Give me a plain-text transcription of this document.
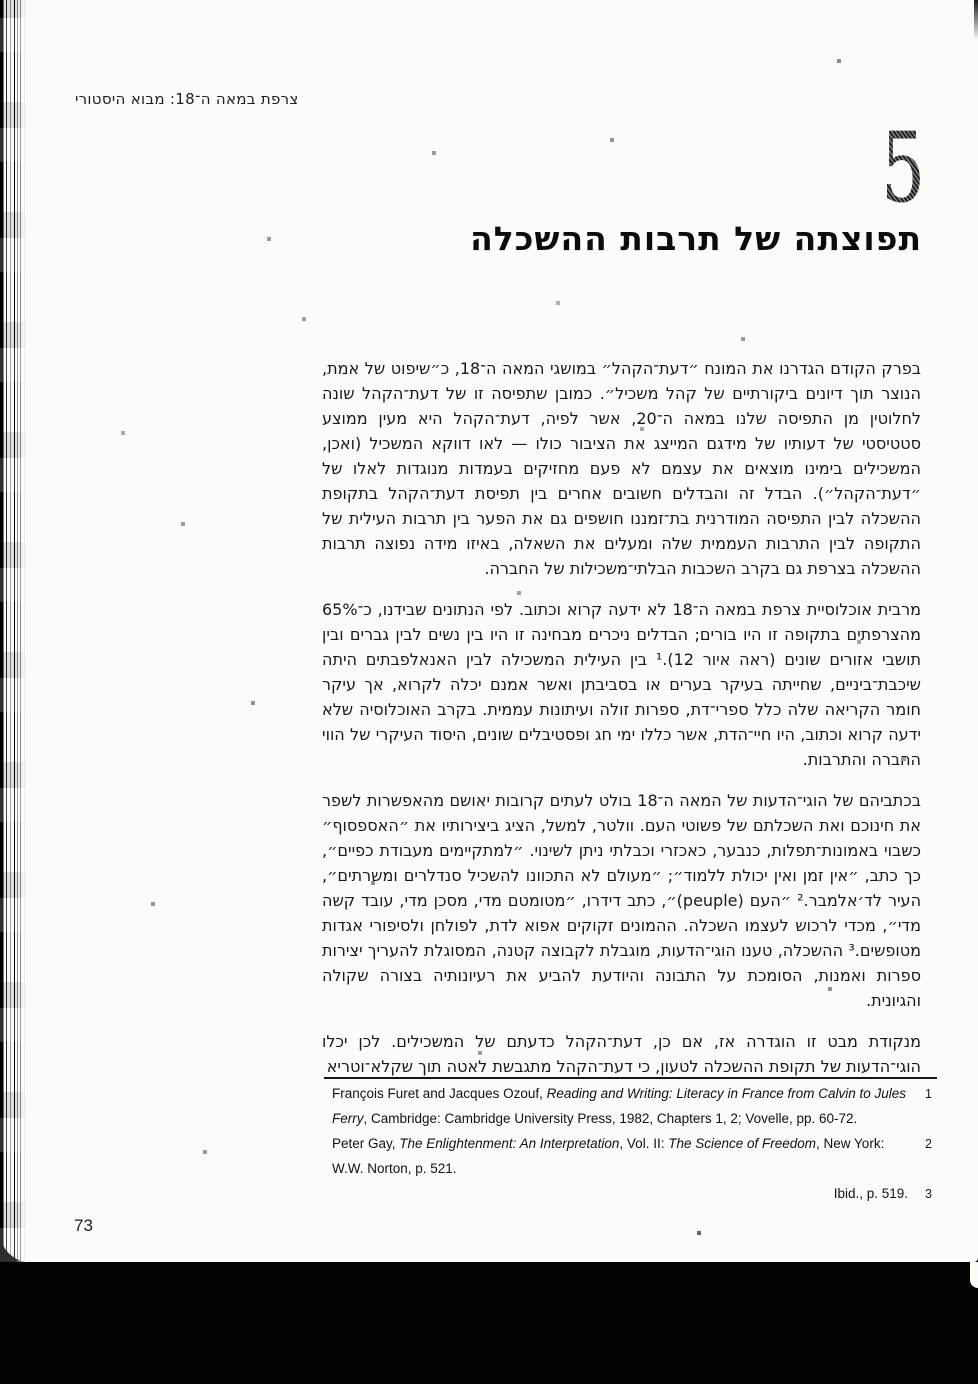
צרפת במאה ה־18: מבוא היסטורי
5
תפוצתה של תרבות ההשכלה

בפרק הקודם הגדרנו את המונח ״דעת־הקהל״ במושגי המאה ה־18, כ״שיפוט של אמת, הנוצר תוך דיונים ביקורתיים של קהל משכיל״. כמובן שתפיסה זו של דעת־הקהל שונה לחלוטין מן התפיסה שלנו במאה ה־20, אשר לפיה, דעת־הקהל היא מעין ממוצע סטטיסטי של דעותיו של מידגם המייצג את הציבור כולו — לאו דווקא המשכיל (ואכן, המשכילים בימינו מוצאים את עצמם לא פעם מחזיקים בעמדות מנוגדות לאלו של ״דעת־הקהל״). הבדל זה והבדלים חשובים אחרים בין תפיסת דעת־הקהל בתקופת ההשכלה לבין התפיסה המודרנית בת־זמננו חושפים גם את הפער בין תרבות העילית של התקופה לבין התרבות העממית שלה ומעלים את השאלה, באיזו מידה נפוצה תרבות ההשכלה בצרפת גם בקרב השכבות הבלתי־משכילות של החברה.

מרבית אוכלוסיית צרפת במאה ה־18 לא ידעה קרוא וכתוב. לפי הנתונים שבידנו, כ־65% מהצרפתים בתקופה זו היו בורים; הבדלים ניכרים מבחינה זו היו בין נשים לבין גברים ובין תושבי אזורים שונים (ראה איור 12).¹ בין העילית המשכילה לבין האנאלפבתים היתה שיכבת־ביניים, שחייתה בעיקר בערים או בסביבתן ואשר אמנם יכלה לקרוא, אך עיקר חומר הקריאה שלה כלל ספרי־דת, ספרות זולה ועיתונות עממית. בקרב האוכלוסיה שלא ידעה קרוא וכתוב, היו חיי־הדת, אשר כללו ימי חג ופסטיבלים שונים, היסוד העיקרי של הווי החברה והתרבות.

בכתביהם של הוגי־הדעות של המאה ה־18 בולט לעתים קרובות יאושם מהאפשרות לשפר את חינוכם ואת השכלתם של פשוטי העם. וולטר, למשל, הציג ביצירותיו את ״האספסוף״ כשבוי באמונות־תפלות, כנבער, כאכזרי וכבלתי ניתן לשינוי. ״למתקיימים מעבודת כפיים״, כך כתב, ״אין זמן ואין יכולת ללמוד״; ״מעולם לא התכוונו להשכיל סנדלרים ומשרתים״, העיר לד׳אלמבר.² ״העם (peuple)״, כתב דידרו, ״מטומטם מדי, מסכן מדי, עובד קשה מדי״, מכדי לרכוש לעצמו השכלה. ההמונים זקוקים אפוא לדת, לפולחן ולסיפורי אגדות מטופשים.³ ההשכלה, טענו הוגי־הדעות, מוגבלת לקבוצה קטנה, המסוגלת להעריך יצירות ספרות ואמנות, הסומכת על התבונה והיודעת להביע את רעיונותיה בצורה שקולה והגיונית.

מנקודת מבט זו הוגדרה אז, אם כן, דעת־הקהל כדעתם של המשכילים. לכן יכלו הוגי־הדעות של תקופת ההשכלה לטעון, כי דעת־הקהל מתגבשת לאטה תוך שקלא־וטריא

François Furet and Jacques Ozouf, Reading and Writing: Literacy in France from Calvin to Jules	1
Ferry, Cambridge: Cambridge University Press, 1982, Chapters 1, 2; Vovelle, pp. 60-72.
Peter Gay, The Enlightenment: An Interpretation, Vol. II: The Science of Freedom, New York:	2
W.W. Norton, p. 521.
Ibid., p. 519.	3
73
